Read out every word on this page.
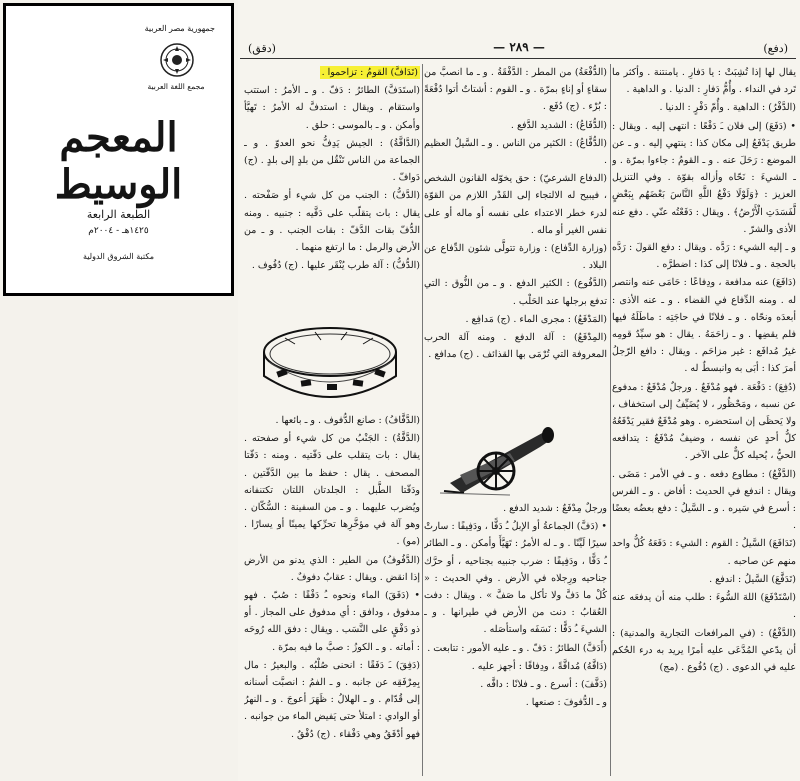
جمهورية مصر العربية
مجمع اللغة العربية
المعجم الوسيط
الطبعة الرابعة
١٤٢٥هـ - ٢٠٠٤م
مكتبة الشروق الدولية
(دفع)
— ٢٨٩ —
(دقق)

يقال لها إذا تُشِبَتْ : يا دَفارِ . يامنتنة . وأكثر ما تَرد في النداء . وأُمُّ دَفارِ : الدنيا . و الداهية .

(الدَّفْرُ) : الداهية . وأُمّ دَفْرٍ : الدنيا .

• (دَفَعَ) إلى فلان ـَ دَفْعًا : انتهى إليه . ويقال : طريق يَدْفَعُ إلى مكان كذا : ينتهي إليه . و ـ عن الموضع : رَحَلَ عنه . و ـ القومُ : جاءوا بمرّة . و ـ الشيءَ : نَحّاه وأزاله بقوّة . وفي التنزيل العزيز : ﴿وَلَوْلَا دَفْعُ اللَّهِ النَّاسَ بَعْضَهُم بِبَعْضٍ لَّفَسَدَتِ الْأَرْضُ﴾ . ويقال : دَفَعْتُه عنّي . دفع عنه الأذى والشرّ .

و ـ إليه الشيء : رَدَّه . ويقال : دفع القولَ : رَدَّه بالحجة . و ـ فلانًا إلى كذا : اضطرَّه .

(دَافَعَ) عنه مدافعة ، ودِفاعًا : حَامَى عنه وانتصر له . ومنه الدِّفاع في القضاء . و ـ عنه الأذى : أبعدَه ونحّاه . و ـ فلانًا في حاجَتِه : ماطَلَهُ فيها فلم يقضِها . و ـ زاحَمَهُ . يقال : هو سيِّدٌ قومِه غيرُ مُدافَع : غير مزاحَم . ويقال : دافع الرّجلُ أمرَ كذا : أبَى به وانبسطٌ له .

(دُفِعَ) : دَفْعَة . فهو مُدْفَعٌ . ورجلٌ مُدْفَعٌ : مدفوع عن نسبه ، ومَحْظُور ، لا يُضَيِّفُ إلى استخفاف ، ولا يَحظَى إن استحضره . وهو مُدْفَعٌ فقير يَدْفَعُهُ كلُّ أحدٍ عن نفسه ، وضيفٌ مُدْفَعٌ : يتدافعه الحيُّ ، يُحيله كلٌّ على الآخر .

(الدَّفْعُ) : مطاوع دفعه . و ـ في الأمر : مَضَى . ويقال : اندفع في الحديث : أفاض . و ـ الفرس : أسرع في سَيره . و ـ السَّيلُ : دفع بعضُه بعضًا .

(تَدَافَعَ) السَّيلُ : القوم : الشيء : دَفَعَهُ كُلُّ واحد منهم عن صاحبه .

(تَدَفَّعَ) السَّيلُ : اندفع .

(اسْتَدْفَعَ) اللهَ السُّوءَ : طلب منه أن يدفعَه عنه .

(الدَّفْعُ) : (في المرافعات التجارية والمدنية) : أن يدّعي المُدَّعَى عليه أمرًا يريد به درء الحُكم عليه في الدعوى . (ج) دُفُوع . (مج)

(الدُّفْعَةُ) من المطر : الدَّفْقَةُ . و ـ ما انصبَّ من سقاءٍ أو إناءٍ بمرّة . و ـ القوم : أشتاتٌ أتوا دُفْعَةً : بُرْء . (ج) دُفَع .

(الدُّفَاعُ) : الشديد الدَّفع .

(الدُّفَّاعُ) : الكثير من الناس . و ـ السَّيلُ العظيم .

(الدفاع الشرعيّ) : حق يخوّله القانون الشخص ، فيبيح له الالتجاء إلى القَدْر اللازم من القوّة لدرء خطر الاعتداء على نفسه أو ماله أو على نفس الغير أو ماله .

(وزارة الدِّفاع) : وزارة تتولَّى شئون الدِّفاع عن البلاد .

(الدَّفُوع) : الكثير الدفع . و ـ من النُّوق : التي تدفع برجلها عند الحَلْب .

(المَدْفَعُ) : مجرى الماء . (ج) مَدافِع .

(المِدْفَعُ) : آلة الدفع . ومنه آلة الحرب المعروفة التي تُرْمَى بها القذائف . (ج) مدافع .

ورجلٌ مِدْفَعٌ : شديد الدفع .

• (دَفَّ) الجماعةُ أو الإبلُ ـُ دَفًّا ، ودَفِيفًا : سارتْ سيرًا لَيِّنًا . و ـ له الأمرُ : تَهَيَّأَ وأمكن . و ـ الطائر ـُ دَفًّا ، ودَفِيفًا : ضرب جنبيه بجناحيه ، أو حرَّك جناحيه ورِجلاه في الأرض . وفي الحديث : « كُلْ ما دَفَّ ولا تأكل ما صَفَّ » . ويقال : دفت العُقابُ : دنت من الأرض في طيرانها . و ـ الشيءَ ـُ دَفًّا : نَسَفَه واستأصَله .

(أَدَفَّ) الطائرُ : دَفّ . و ـ عليه الأمور : تتابعت .

(دَافَّهُ) مُدافَّةً ، ودِفافًا : أجهز عليه .

(دَفَّفَ) : أسرع . و ـ فلانًا : دافَّه .

و ـ الدُّفوفَ : صنعها .

(تَدَافَّ) القومُ : تزاحموا .

(استَدَفَّ) الطائرُ : دَفّ . و ـ الأمرُ : استتب واستقام . ويقال : استدفَّ له الأمرُ : تَهيَّأ وأمكن . و ـ بالموسى : حلق .

(الدَّافَّةُ) : الجيش يَدِفُّ نحو العدوّ . و ـ الجماعة من الناس تَنْقُل من بلدٍ إلى بلدٍ . (ج) دَوافّ .

(الدَّفُّ) : الجنب من كل شيء أو صَفْحته . يقال : بات يتقلّب على دَفَّيه : جنبيه . ومنه الدُّفّ بقات الدَّفّ : بقات الجنب . و ـ من الأرض والرمل : ما ارتفع منهما .

(الدُّفُّ) : آلة طرب يُنْقَر عليها . (ج) دُفُوف .

(الدَّفَّافُ) : صانع الدُّفوف . و ـ بائعها .

(الدَّفَّةُ) : الجَنْبُ من كل شيء أو صفحته . يقال : بات يتقلب على دَفّتيه . ومنه : دَفّتا المصحف . يقال : حفظ ما بين الدَّفّتين . ودَفّتا الطَّبل : الجلدتان اللتان تكتنفانه ويُضرب عليهما . و ـ من السفينة : السُّكّان . وهو آلة في مؤخَّرِها تحرِّكها يمينًا أو يسارًا . (مو) .

(الدَّفُوفُ) من الطير : الذي يدنو من الأرض إذا انقض . ويقال : عقابٌ دفوفٌ .

• (دَفَقَ) الماء ونحوه ـُ دَفْقًا : صُبّ . فهو مدفوق ، ودافق : أي مدفوق على المجاز . أو ذو دَفْقٍ على النَّسَب . ويقال : دفق الله رُوحَه : أماته . و ـ الكوزُ : صبَّ ما فيه بمرّة .

(دَفِقَ) ـَ دَفَقًا : انحنى صُلْبُه . والبعيرُ : مال بِمِرْفَقِه عن جانبه . و ـ الفمُ : انصبَّت أسنانه إلى قُدّام . و ـ الهلالُ : ظَهَرَ أعوجَ . و ـ النهرُ أو الوادي : امتلأ حتى يَفيض الماء من جوانبه . فهو أدْفَقُ وهي دَفْقاء . (ج) دُفْقٌ .
